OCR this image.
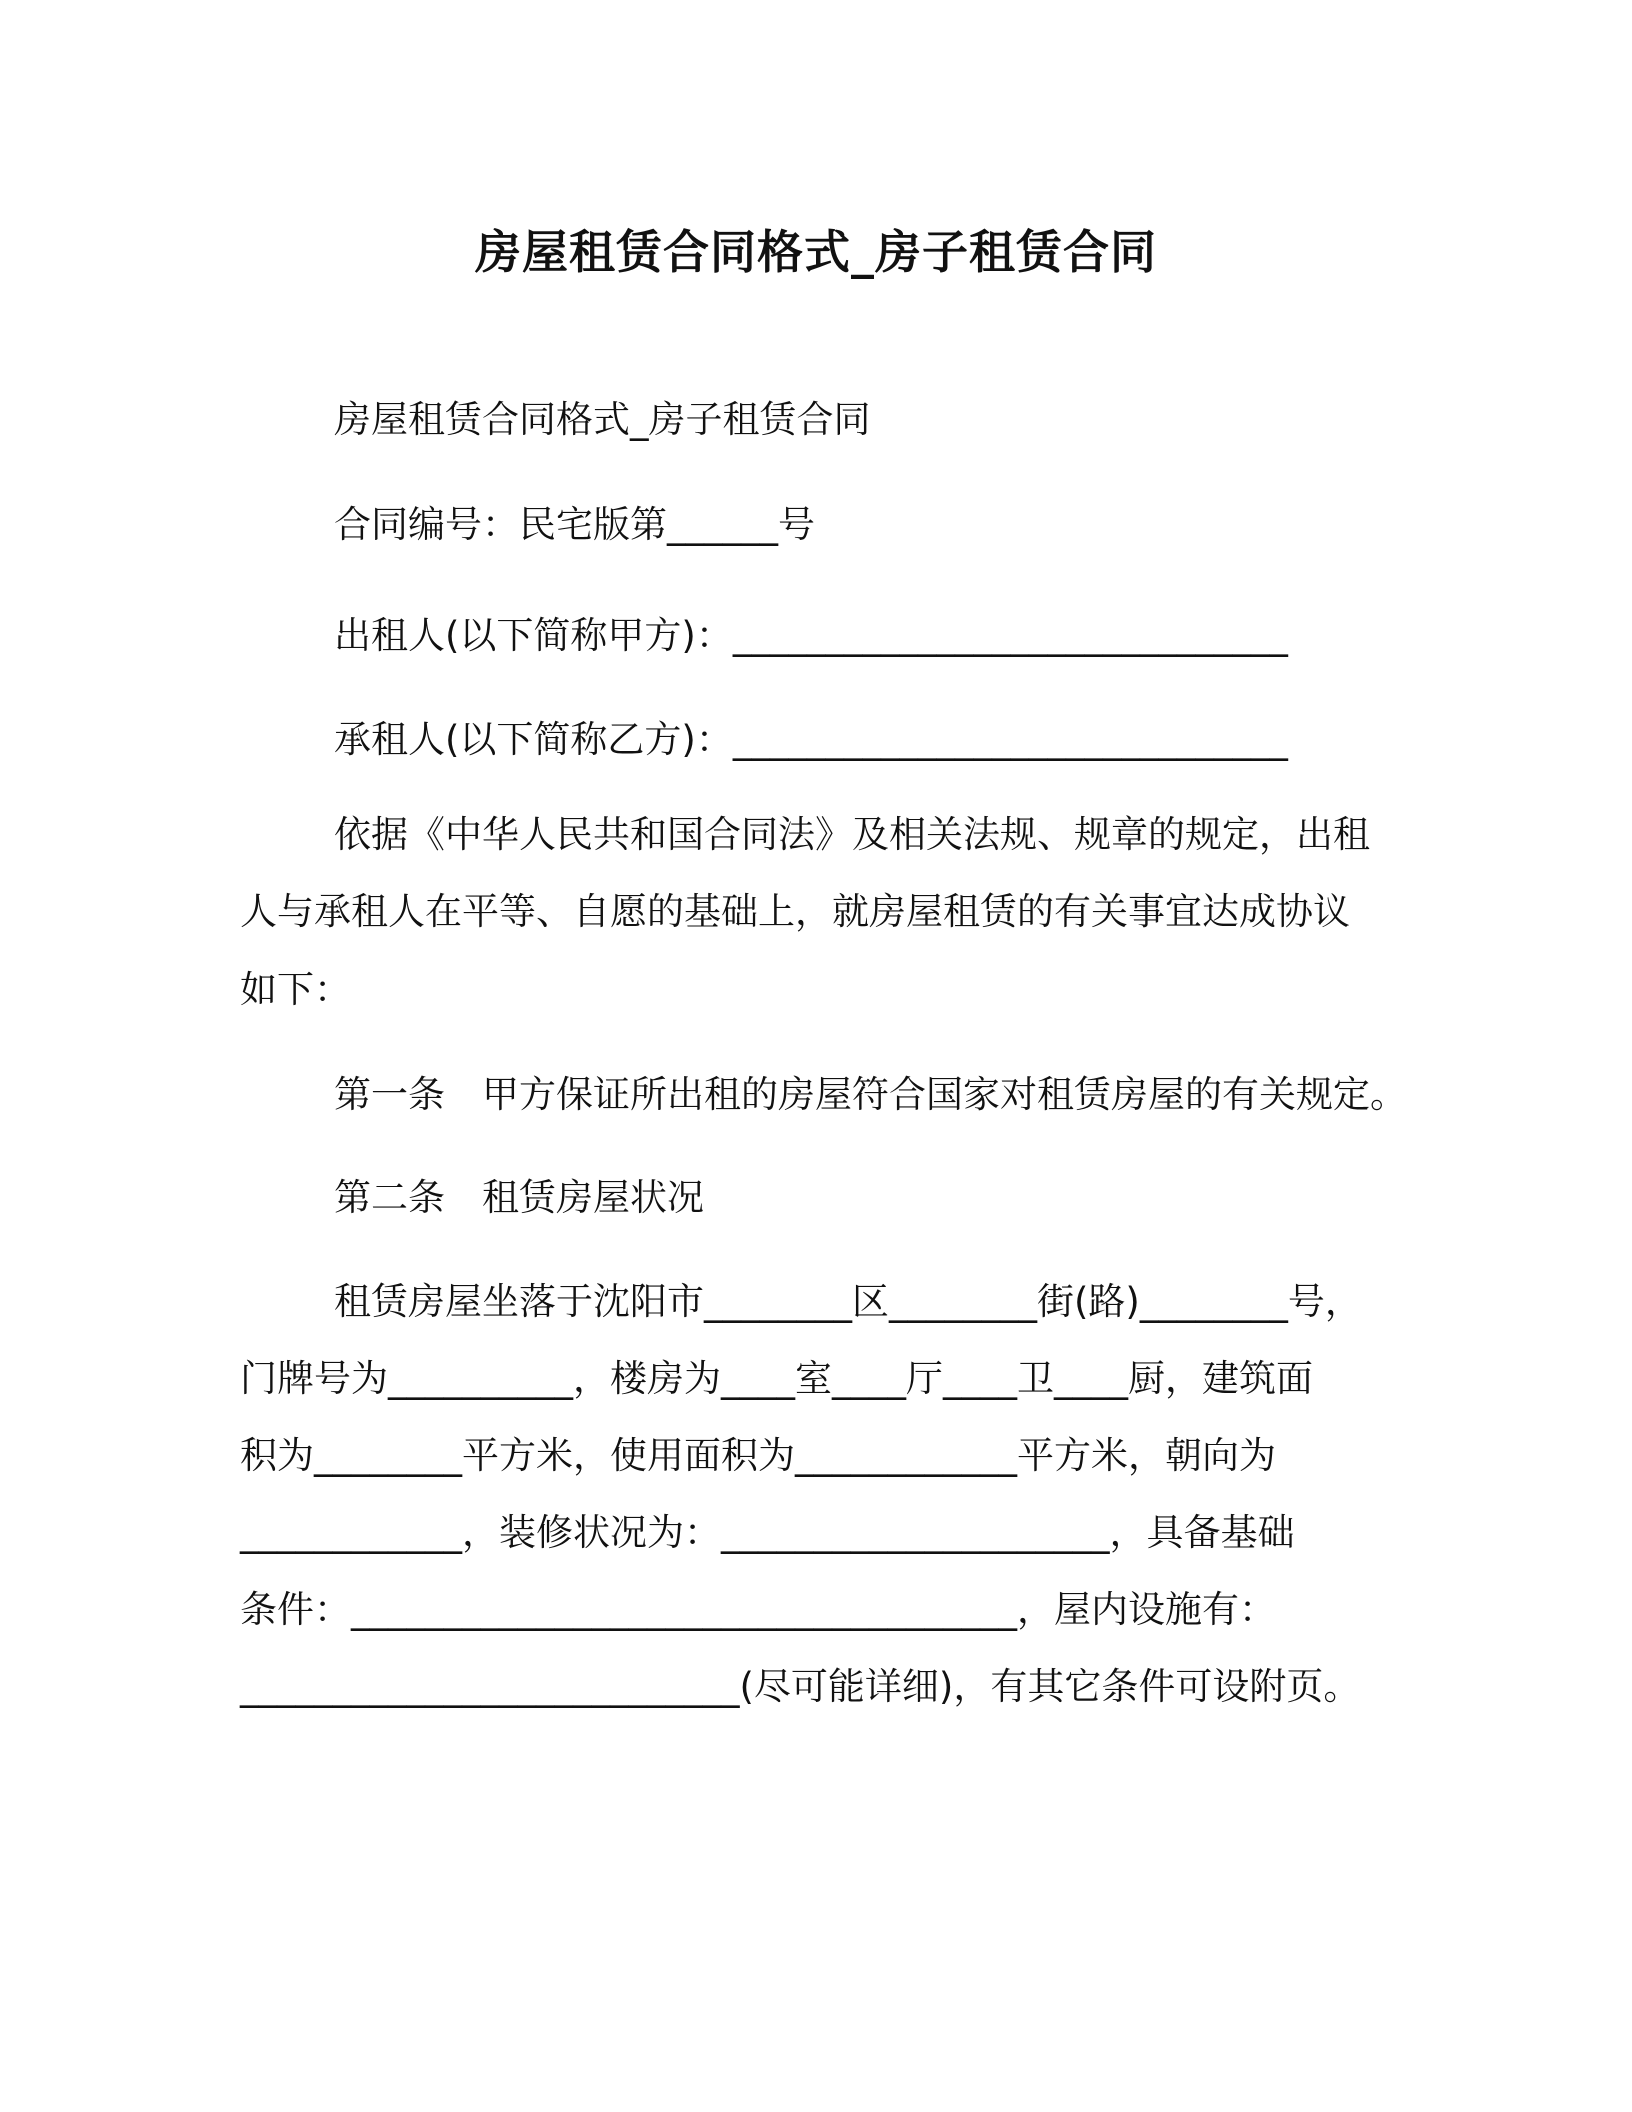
房屋租赁合同格式_房子租赁合同
房屋租赁合同格式_房子租赁合同
合同编号：民宅版第______号
出租人(以下简称甲方)：______________________________
承租人(以下简称乙方)：______________________________
依据《中华人民共和国合同法》及相关法规、规章的规定，出租
人与承租人在平等、自愿的基础上，就房屋租赁的有关事宜达成协议
如下：
第一条　甲方保证所出租的房屋符合国家对租赁房屋的有关规定。
第二条　租赁房屋状况
租赁房屋坐落于沈阳市________区________街(路)________号，
门牌号为__________，楼房为____室____厅____卫____厨，建筑面
积为________平方米，使用面积为____________平方米，朝向为
____________，装修状况为：_____________________，具备基础
条件：____________________________________，屋内设施有：
___________________________(尽可能详细)，有其它条件可设附页。
